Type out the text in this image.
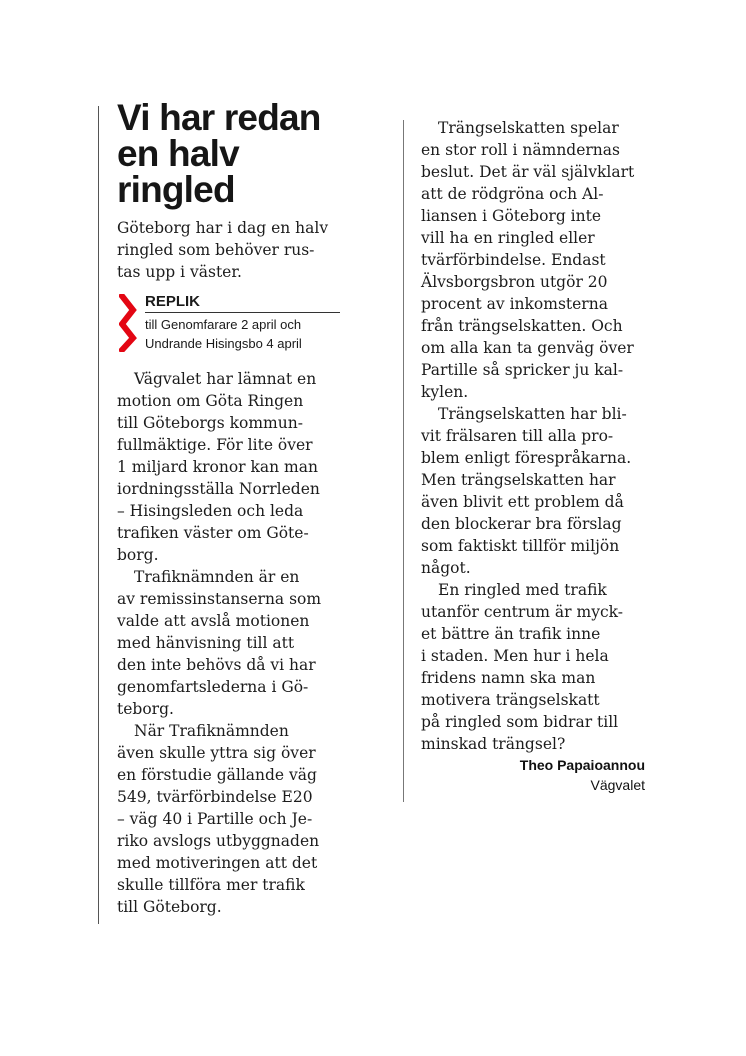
Vi har redan
en halv
ringled
Göteborg har i dag en halv
ringled som behöver rus-
tas upp i väster.
REPLIK
till Genomfarare 2 april och
Undrande Hisingsbo 4 april
Vägvalet har lämnat en
motion om Göta Ringen
till Göteborgs kommun-
fullmäktige. För lite över
1 miljard kronor kan man
iordningsställa Norrleden
– Hisingsleden och leda
trafiken väster om Göte-
borg.
Trafiknämnden är en
av remissinstanserna som
valde att avslå motionen
med hänvisning till att
den inte behövs då vi har
genomfartslederna i Gö-
teborg.
När Trafiknämnden
även skulle yttra sig över
en förstudie gällande väg
549, tvärförbindelse E20
– väg 40 i Partille och Je-
riko avslogs utbyggnaden
med motiveringen att det
skulle tillföra mer trafik
till Göteborg.
Trängselskatten spelar
en stor roll i nämndernas
beslut. Det är väl självklart
att de rödgröna och Al-
liansen i Göteborg inte
vill ha en ringled eller
tvärförbindelse. Endast
Älvsborgsbron utgör 20
procent av inkomsterna
från trängselskatten. Och
om alla kan ta genväg över
Partille så spricker ju kal-
kylen.
Trängselskatten har bli-
vit frälsaren till alla pro-
blem enligt förespråkarna.
Men trängselskatten har
även blivit ett problem då
den blockerar bra förslag
som faktiskt tillför miljön
något.
En ringled med trafik
utanför centrum är myck-
et bättre än trafik inne
i staden. Men hur i hela
fridens namn ska man
motivera trängselskatt
på ringled som bidrar till
minskad trängsel?
Theo Papaioannou
Vägvalet
